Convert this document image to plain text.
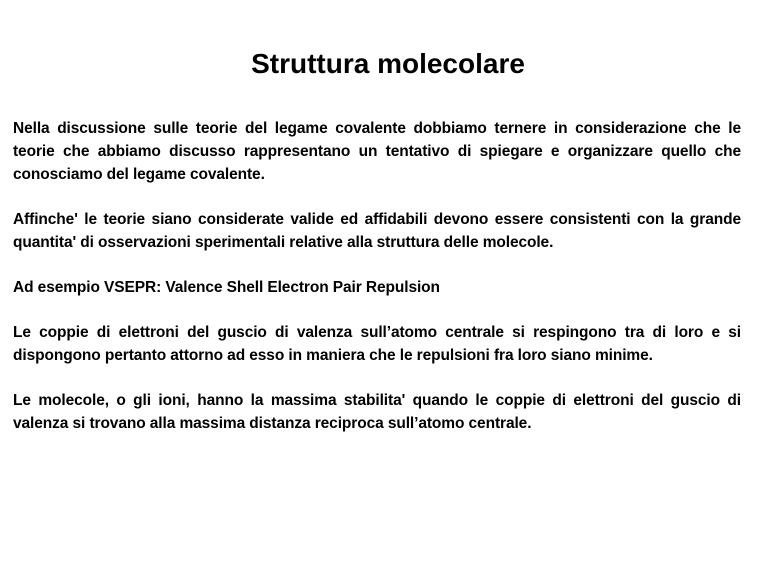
Struttura molecolare

Nella discussione sulle teorie del legame covalente dobbiamo ternere in considerazione che le teorie che abbiamo discusso rappresentano un tentativo di spiegare e organizzare quello che conosciamo del legame covalente.

Affinche' le teorie siano considerate valide ed affidabili devono essere consistenti con la grande quantita' di osservazioni sperimentali relative alla struttura delle molecole.

Ad esempio VSEPR: Valence Shell Electron Pair Repulsion

Le coppie di elettroni del guscio di valenza sull’atomo centrale si respingono tra di loro e si dispongono pertanto attorno ad esso in maniera che le repulsioni fra loro siano minime.

Le molecole, o gli ioni, hanno la massima stabilita' quando le coppie di elettroni del guscio di valenza si trovano alla massima distanza reciproca sull’atomo centrale.
